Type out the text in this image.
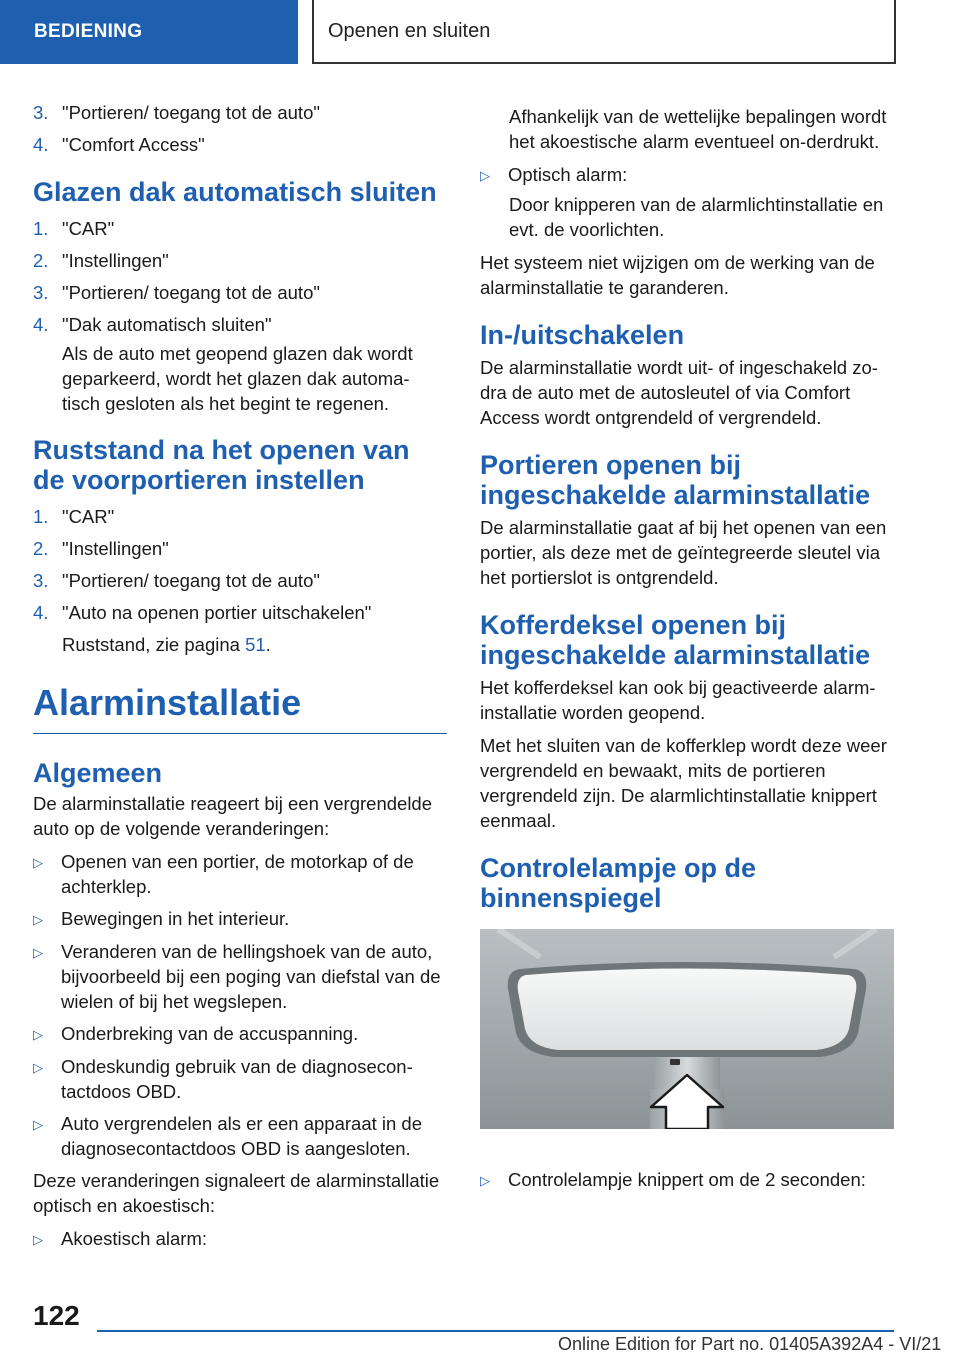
BEDIENING	Openen en sluiten
3. "Portieren/ toegang tot de auto"
4. "Comfort Access"
Glazen dak automatisch sluiten
1. "CAR"
2. "Instellingen"
3. "Portieren/ toegang tot de auto"
4. "Dak automatisch sluiten"

Als de auto met geopend glazen dak wordt geparkeerd, wordt het glazen dak automa-tisch gesloten als het begint te regenen.

Ruststand na het openen van de voorportieren instellen
1. "CAR"
2. "Instellingen"
3. "Portieren/ toegang tot de auto"
4. "Auto na openen portier uitschakelen"

Ruststand, zie pagina 51.

Alarminstallatie
Algemeen

De alarminstallatie reageert bij een vergrendelde auto op de volgende veranderingen:

▷ Openen van een portier, de motorkap of de achterklep.
▷ Bewegingen in het interieur.
▷ Veranderen van de hellingshoek van de auto, bijvoorbeeld bij een poging van diefstal van de wielen of bij het wegslepen.
▷ Onderbreking van de accuspanning.
▷ Ondeskundig gebruik van de diagnosecon-tactdoos OBD.
▷ Auto vergrendelen als er een apparaat in de diagnosecontactdoos OBD is aangesloten.

Deze veranderingen signaleert de alarminstallatie optisch en akoestisch:

▷ Akoestisch alarm:

Afhankelijk van de wettelijke bepalingen wordt het akoestische alarm eventueel on-derdrukt.

▷ Optisch alarm:

Door knipperen van de alarmlichtinstallatie en evt. de voorlichten.

Het systeem niet wijzigen om de werking van de alarminstallatie te garanderen.

In-/uitschakelen

De alarminstallatie wordt uit- of ingeschakeld zo-dra de auto met de autosleutel of via Comfort Access wordt ontgrendeld of vergrendeld.

Portieren openen bij ingeschakelde alarminstallatie

De alarminstallatie gaat af bij het openen van een portier, als deze met de geïntegreerde sleutel via het portierslot is ontgrendeld.

Kofferdeksel openen bij ingeschakelde alarminstallatie

Het kofferdeksel kan ook bij geactiveerde alarm-installatie worden geopend.

Met het sluiten van de kofferklep wordt deze weer vergrendeld en bewaakt, mits de portieren vergrendeld zijn. De alarmlichtinstallatie knippert eenmaal.

Controlelampje op de binnenspiegel
▷ Controlelampje knippert om de 2 seconden:
122
Online Edition for Part no. 01405A392A4 - VI/21
